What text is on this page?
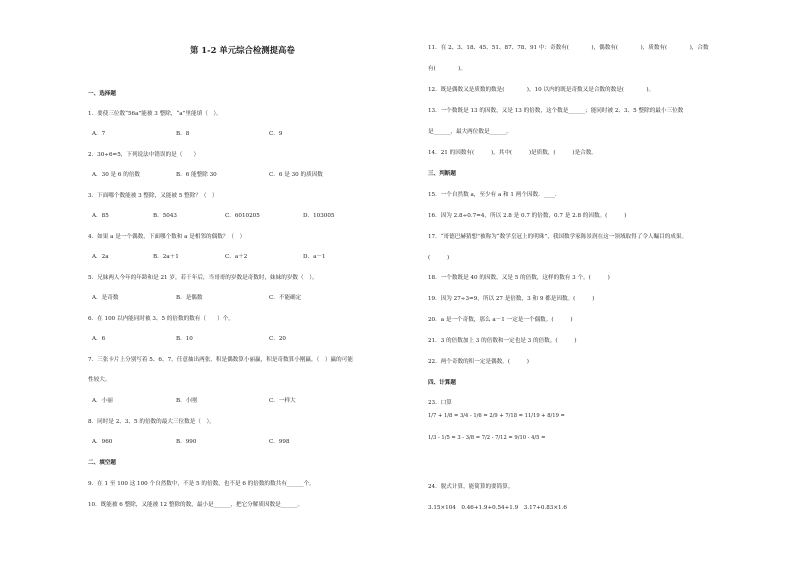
第 1-2 单元综合检测提高卷
一、选择题
1．要使三位数“56a”能被 3 整除，“a”里能填（　）。
A．7	B．8	C．9
2．30÷6=5，下列说法中错误的是（　　）
A．30 是 6 的倍数	B．6 能整除 30	C．6 是 30 的质因数
3．下面哪个数能被 3 整除，又能被 5 整除？（　）
A．85	B．5043	C．6010205	D．103005
4．如果 a 是一个偶数，下面哪个数和 a 是相邻的偶数？（　）
A．2a	B．2a＋1	C．a＋2	D．a－1
5．兄妹两人今年的年龄和是 21 岁，若干年后，当哥哥的岁数是奇数时，妹妹的岁数（　）。
A．是奇数	B．是偶数	C．不能确定
6．在 100 以内能同时被 3、5 的倍数的数有（　　）个。
A．6	B．10	C．20
7．三张卡片上分别写着 5、6、7，任意抽出两张，积是偶数算小丽赢，积是奇数算小刚赢，（　）赢的可能
性较大。
A．小丽	B．小刚	C．一样大
8．同时是 2、3、5 的倍数的最大三位数是（　）。
A．960	B．990	C．998
二、填空题
9．在 1 至 100 这 100 个自然数中，不是 5 的倍数，也不是 6 的倍数的数共有______个。
10．既能被 6 整除，又能被 12 整除的数，最小是______，把它分解质因数是______。
11．在 2、3、18、45、51、87、78、91 中：奇数有(　　　　)，偶数有(　　　　)，质数有(　　　　)，合数
有(　　　　)。
12．既是偶数又是质数的数是(　　　　)，10 以内的既是奇数又是合数的数是(　　　　)。
13．一个数既是 13 的因数，又是 13 的倍数，这个数是______；能同时被 2、3、5 整除的最小三位数
是______，最大两位数是______。
14．21 的因数有(　　　)，其中(　　　)是质数，(　　　)是合数。
三、判断题
15．一个自然数 a，至少有 a 和 1 两个因数．____．
16．因为 2.8÷0.7=4，所以 2.8 是 0.7 的倍数，0.7 是 2.8 的因数。(　　　)
17．“哥德巴赫猜想”被称为“数学皇冠上的明珠”，我国数学家陈景润在这一领域取得了令人瞩目的成果。
(　　　)
18．一个数既是 40 的因数，又是 5 的倍数，这样的数有 3 个。(　　　)
19．因为 27÷3=9，所以 27 是倍数，3 和 9 都是因数。(　　　)
20．a 是一个奇数，那么 a－1 一定是一个偶数。(　　　)
21．3 的倍数加上 3 的倍数和一定也是 3 的倍数。(　　　)
22．两个奇数的积一定是偶数。(　　　)
四、计算题
23．口算
24．脱式计算，能简算的要简算。
3.15×104　0.46+1.9+0.54+1.9　3.17+0.83×1.6
1/7 + 1/8 = 3/4 - 1/6 = 2/9 + 7/18 = 11/19 + 8/19 =
1/3 - 1/5 = 3 - 3/8 = 7/2 - 7/12 = 9/10 - 4/5 =
